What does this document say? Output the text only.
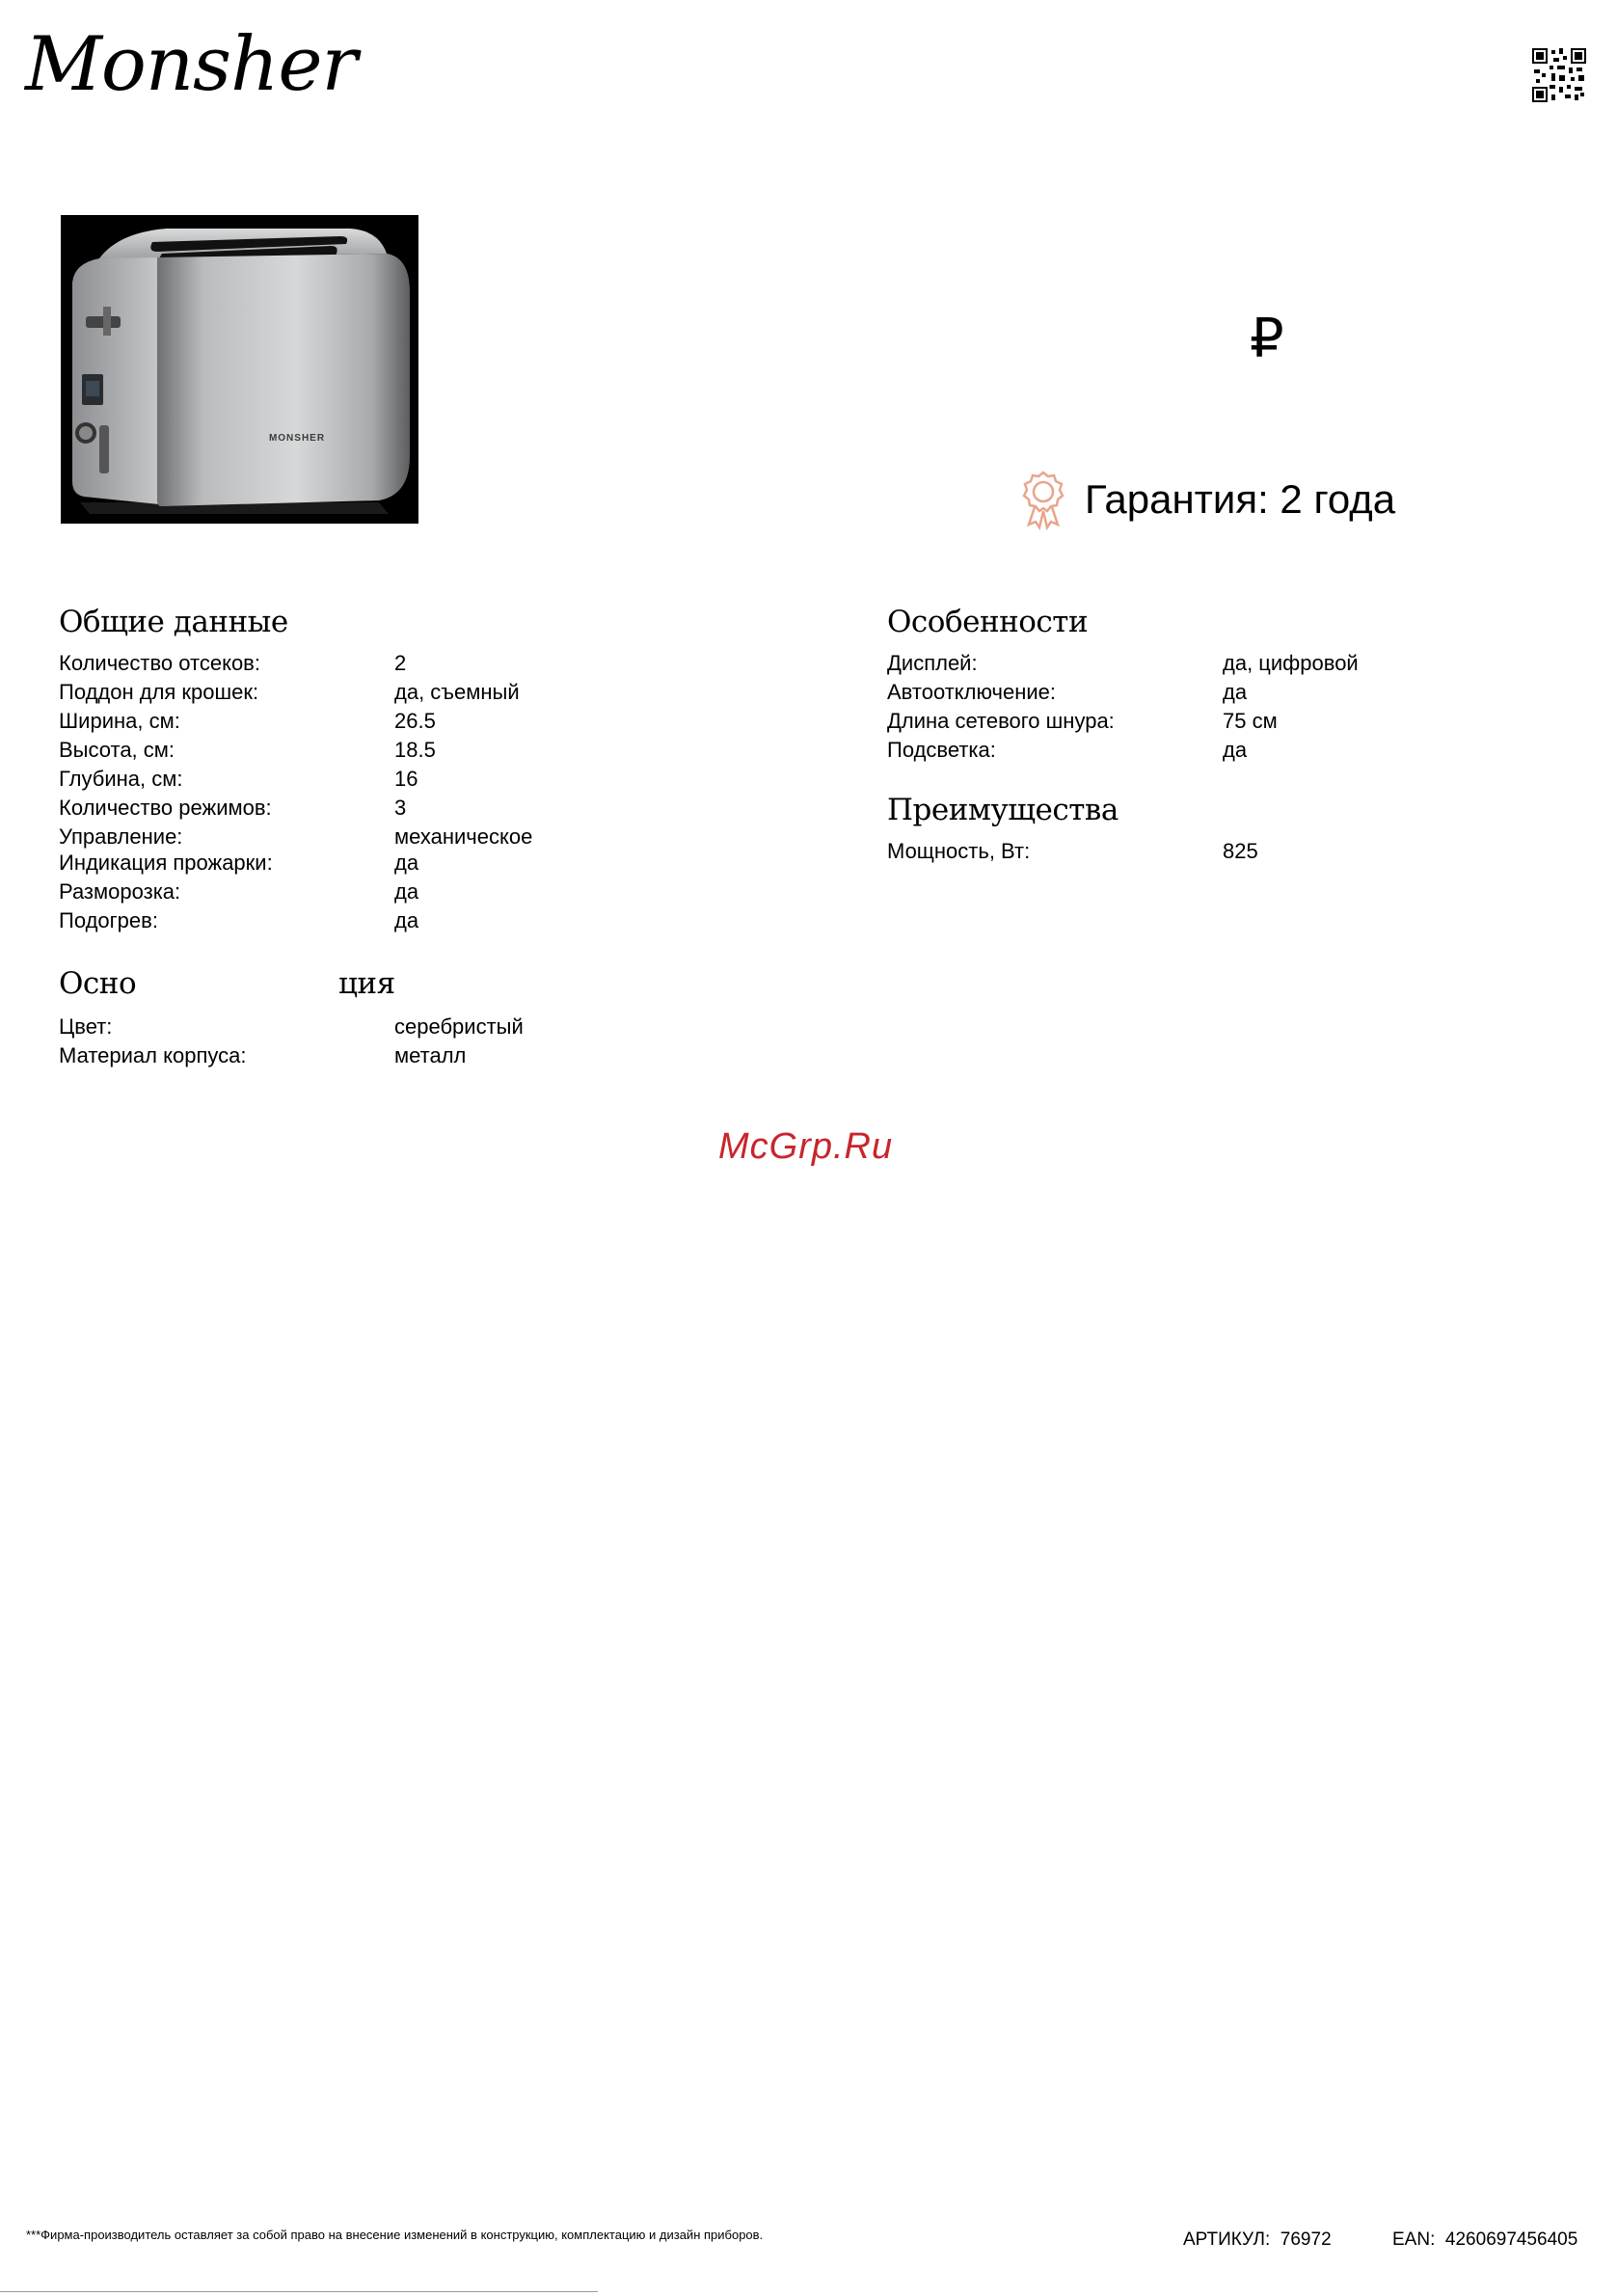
Monsher
MONSHER
₽
Гарантия: 2 года
Общие данные
Количество отсеков:	2
Поддон для крошек:	да, съемный
Ширина, см:	26.5
Высота, см:	18.5
Глубина, см:	16
Количество режимов:	3
Управление:	механическое
Индикация прожарки:	да
Разморозка:	да
Подогрев:	да
Осно	ция
Цвет:	серебристый
Материал корпуса:	металл
Особенности
Дисплей:	да, цифровой
Автоотключение:	да
Длина сетевого шнура:	75 см
Подсветка:	да
Преимущества
Мощность, Вт:	825
McGrp.Ru
***Фирма-производитель оставляет за собой право на внесение изменений в конструкцию, комплектацию и дизайн приборов.	АРТИКУЛ: 76972	EAN: 4260697456405
